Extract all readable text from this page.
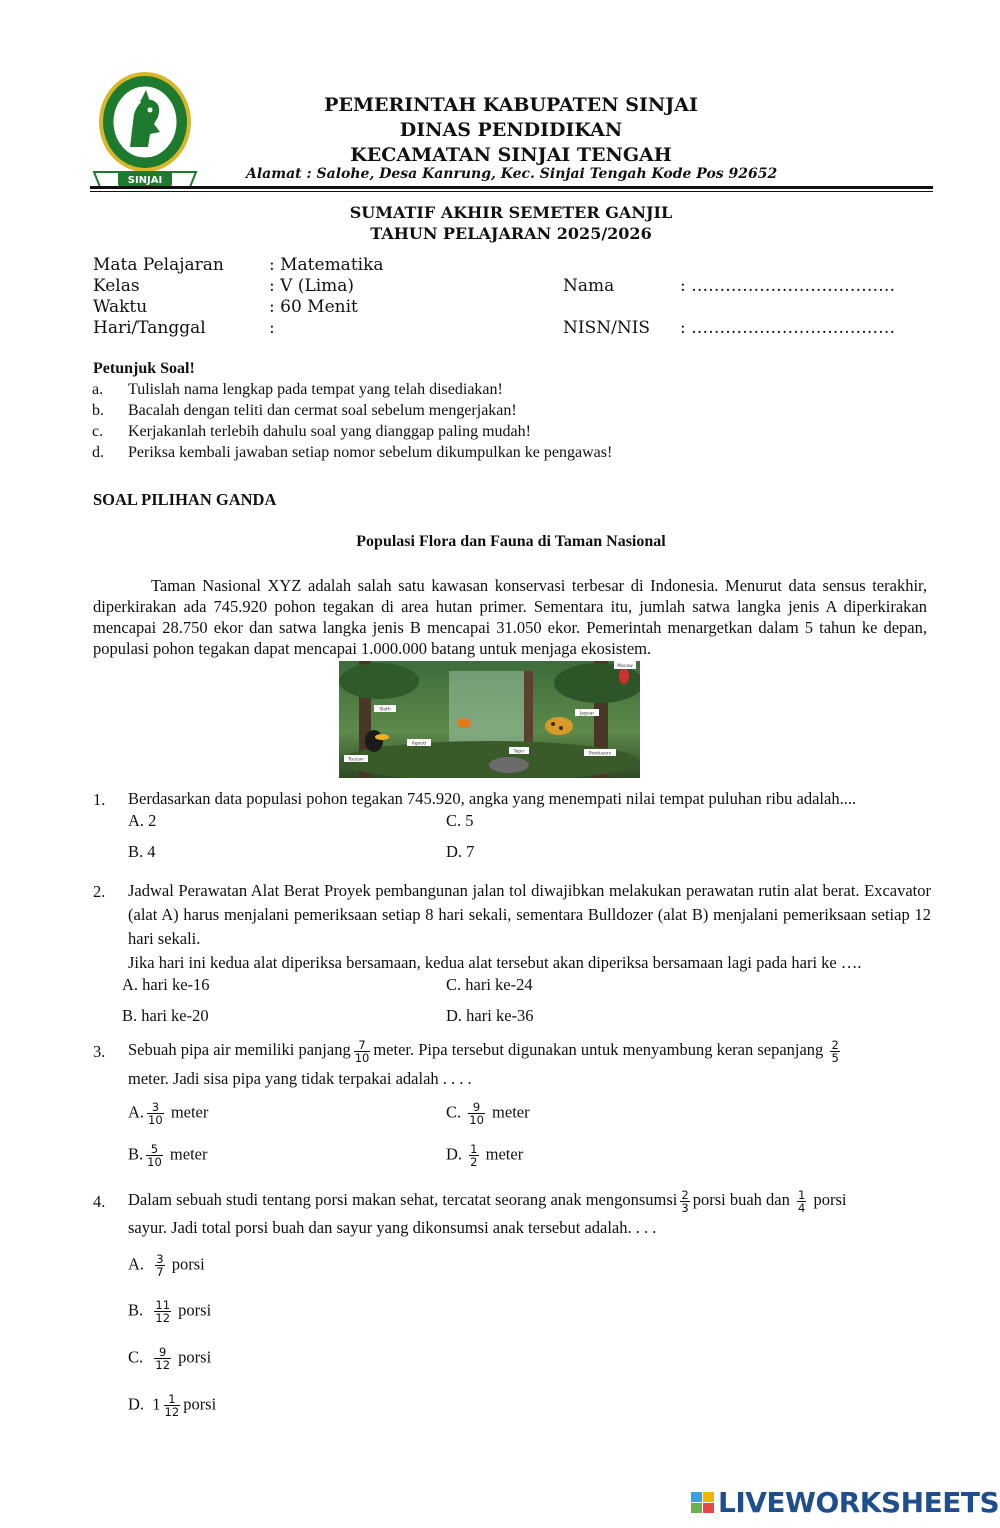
SINJAI
PEMERINTAH KABUPATEN SINJAI
DINAS PENDIDIKAN
KECAMATAN SINJAI TENGAH
Alamat : Salohe, Desa Kanrung, Kec. Sinjai Tengah Kode Pos 92652
SUMATIF AKHIR SEMETER GANJIL
TAHUN PELAJARAN 2025/2026
Mata Pelajaran	: Matematika
Kelas	: V (Lima)
Waktu	: 60 Menit
Hari/Tanggal	:
Nama	: ………………………………
NISN/NIS : ………………………………
Petunjuk Soal!
a. Tulislah nama lengkap pada tempat yang telah disediakan!
b. Bacalah dengan teliti dan cermat soal sebelum mengerjakan!
c. Kerjakanlah terlebih dahulu soal yang dianggap paling mudah!
d. Periksa kembali jawaban setiap nomor sebelum dikumpulkan ke pengawas!
SOAL PILIHAN GANDA
Populasi Flora dan Fauna di Taman Nasional
Taman Nasional XYZ adalah salah satu kawasan konservasi terbesar di Indonesia. Menurut data sensus terakhir, diperkirakan ada 745.920 pohon tegakan di area hutan primer. Sementara itu, jumlah satwa langka jenis A diperkirakan mencapai 28.750 ekor dan satwa langka jenis B mencapai 31.050 ekor. Pemerintah menargetkan dalam 5 tahun ke depan, populasi pohon tegakan dapat mencapai 1.000.000 batang untuk menjaga ekosistem.
Macaw
Sloth
Agouti
Toucan
Tapir
Jaguar
Producers
1. Berdasarkan data populasi pohon tegakan 745.920, angka yang menempati nilai tempat puluhan ribu adalah....
A. 2	C. 5
B. 4	D. 7
2. Jadwal Perawatan Alat Berat Proyek pembangunan jalan tol diwajibkan melakukan perawatan rutin alat berat. Excavator (alat A) harus menjalani pemeriksaan setiap 8 hari sekali, sementara Bulldozer (alat B) menjalani pemeriksaan setiap 12 hari sekali.
Jika hari ini kedua alat diperiksa bersamaan, kedua alat tersebut akan diperiksa bersamaan lagi pada hari ke ….
A. hari ke-16	C. hari ke-24
B. hari ke-20	D. hari ke-36
3. Sebuah pipa air memiliki panjang $\frac{7}{10}$ meter. Pipa tersebut digunakan untuk menyambung keran sepanjang $\frac{2}{5}$
meter. Jadi sisa pipa yang tidak terpakai adalah . . . .
A. $\frac{3}{10}$ meter	C. $\frac{9}{10}$ meter
B. $\frac{5}{10}$ meter	D. $\frac{1}{2}$ meter
4. Dalam sebuah studi tentang porsi makan sehat, tercatat seorang anak mengonsumsi $\frac{2}{3}$ porsi buah dan $\frac{1}{4}$ porsi
sayur. Jadi total porsi buah dan sayur yang dikonsumsi anak tersebut adalah. . . .
A. $\frac{3}{7}$ porsi
B. $\frac{11}{12}$ porsi
C. $\frac{9}{12}$ porsi
D. $1 \frac{1}{12}$ porsi
LIVEWORKSHEETS
